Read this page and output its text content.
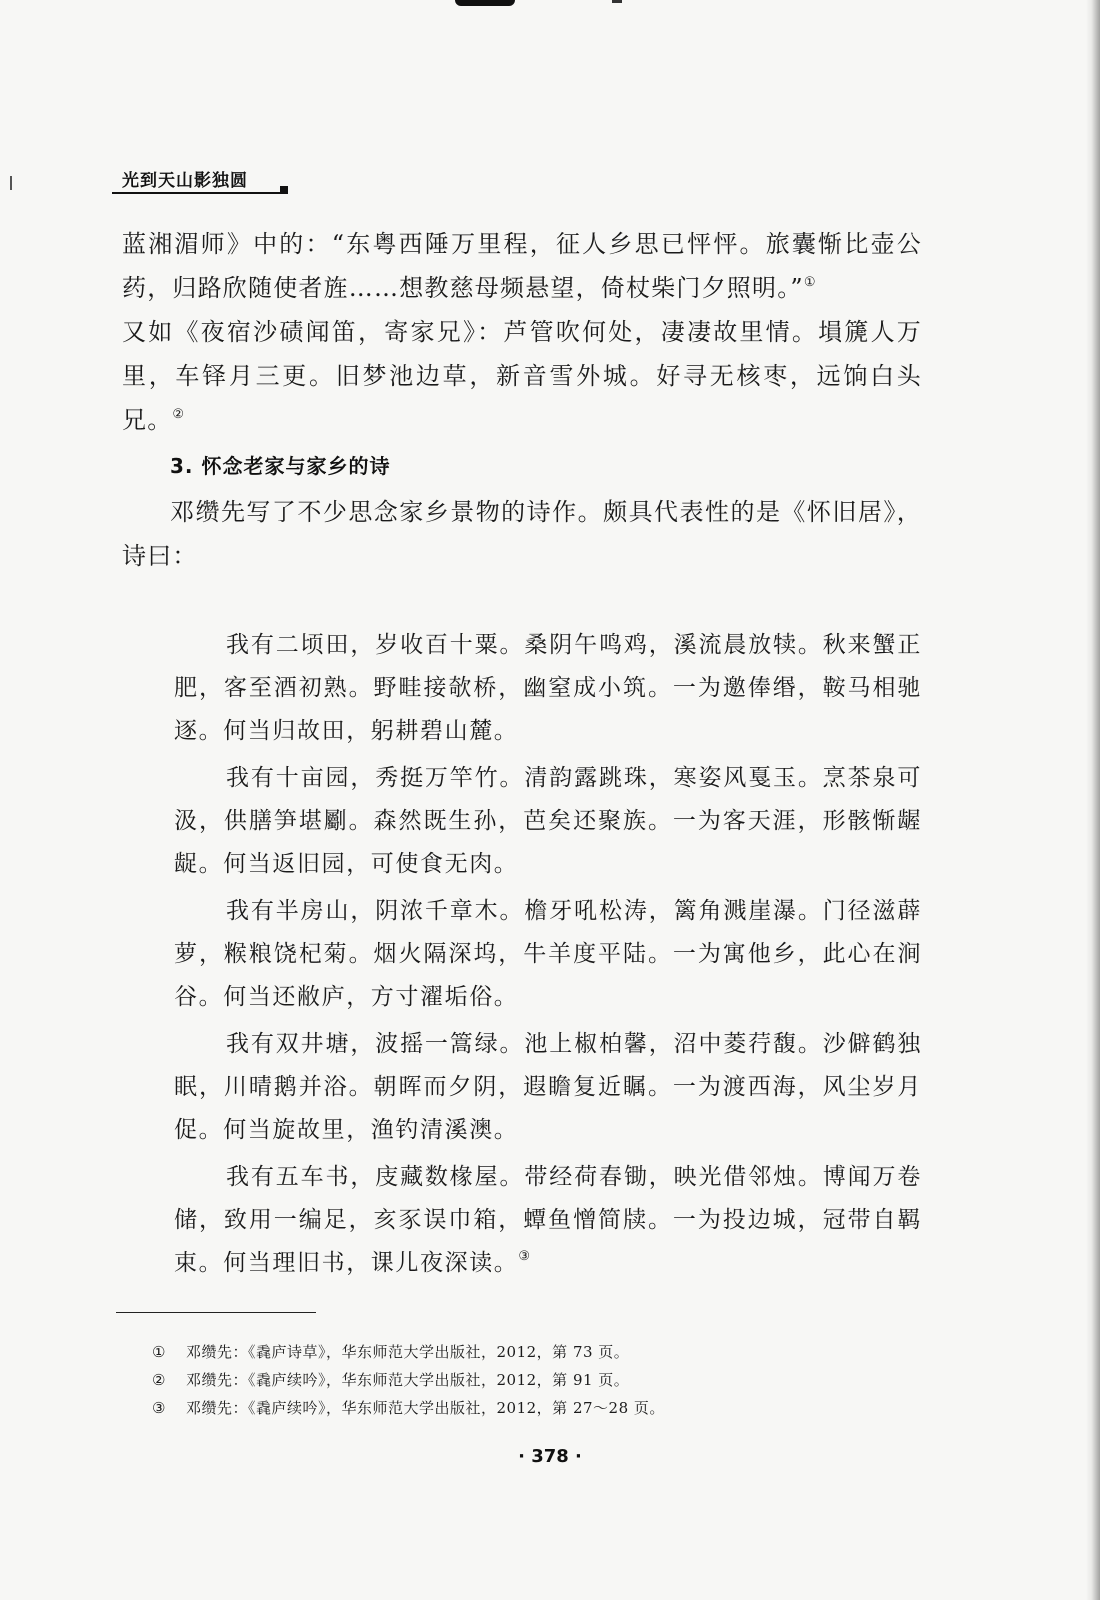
光到天山影独圆

蓝湘湄师》中的：“东粤西陲万里程，征人乡思已怦怦。旅囊惭比壶公药，归路欣随使者旌……想教慈母频悬望，倚杖柴门夕照明。”①

又如《夜宿沙碛闻笛，寄家兄》：芦管吹何处，凄凄故里情。塤篪人万里，车铎月三更。旧梦池边草，新音雪外城。好寻无核枣，远饷白头兄。②

3. 怀念老家与家乡的诗

邓缵先写了不少思念家乡景物的诗作。颇具代表性的是《怀旧居》，诗曰：

我有二顷田，岁收百十粟。桑阴午鸣鸡，溪流晨放犊。秋来蟹正肥，客至酒初熟。野畦接欹桥，幽窒成小筑。一为邀俸缗，鞍马相驰逐。何当归故田，躬耕碧山麓。

我有十亩园，秀挺万竿竹。清韵露跳珠，寒姿风戛玉。烹茶泉可汲，供膳笋堪劚。森然既生孙，芭矣还聚族。一为客天涯，形骸惭龌龊。何当返旧园，可使食无肉。

我有半房山，阴浓千章木。檐牙吼松涛，篱角溅崖瀑。门径滋薜萝，糇粮饶杞菊。烟火隔深坞，牛羊度平陆。一为寓他乡，此心在涧谷。何当还敝庐，方寸濯垢俗。

我有双井塘，波摇一篙绿。池上椒柏馨，沼中菱荇馥。沙僻鹤独眠，川晴鹅并浴。朝晖而夕阴，遐瞻复近瞩。一为渡西海，风尘岁月促。何当旋故里，渔钓清溪澳。

我有五车书，庋藏数椽屋。带经荷春锄，映光借邻烛。博闻万卷储，致用一编足，亥豕误巾箱，蟫鱼憎简牍。一为投边城，冠带自羁束。何当理旧书，课儿夜深读。③

① 邓缵先：《毳庐诗草》，华东师范大学出版社，2012，第 73 页。

② 邓缵先：《毳庐续吟》，华东师范大学出版社，2012，第 91 页。

③ 邓缵先：《毳庐续吟》，华东师范大学出版社，2012，第 27～28 页。

· 378 ·
